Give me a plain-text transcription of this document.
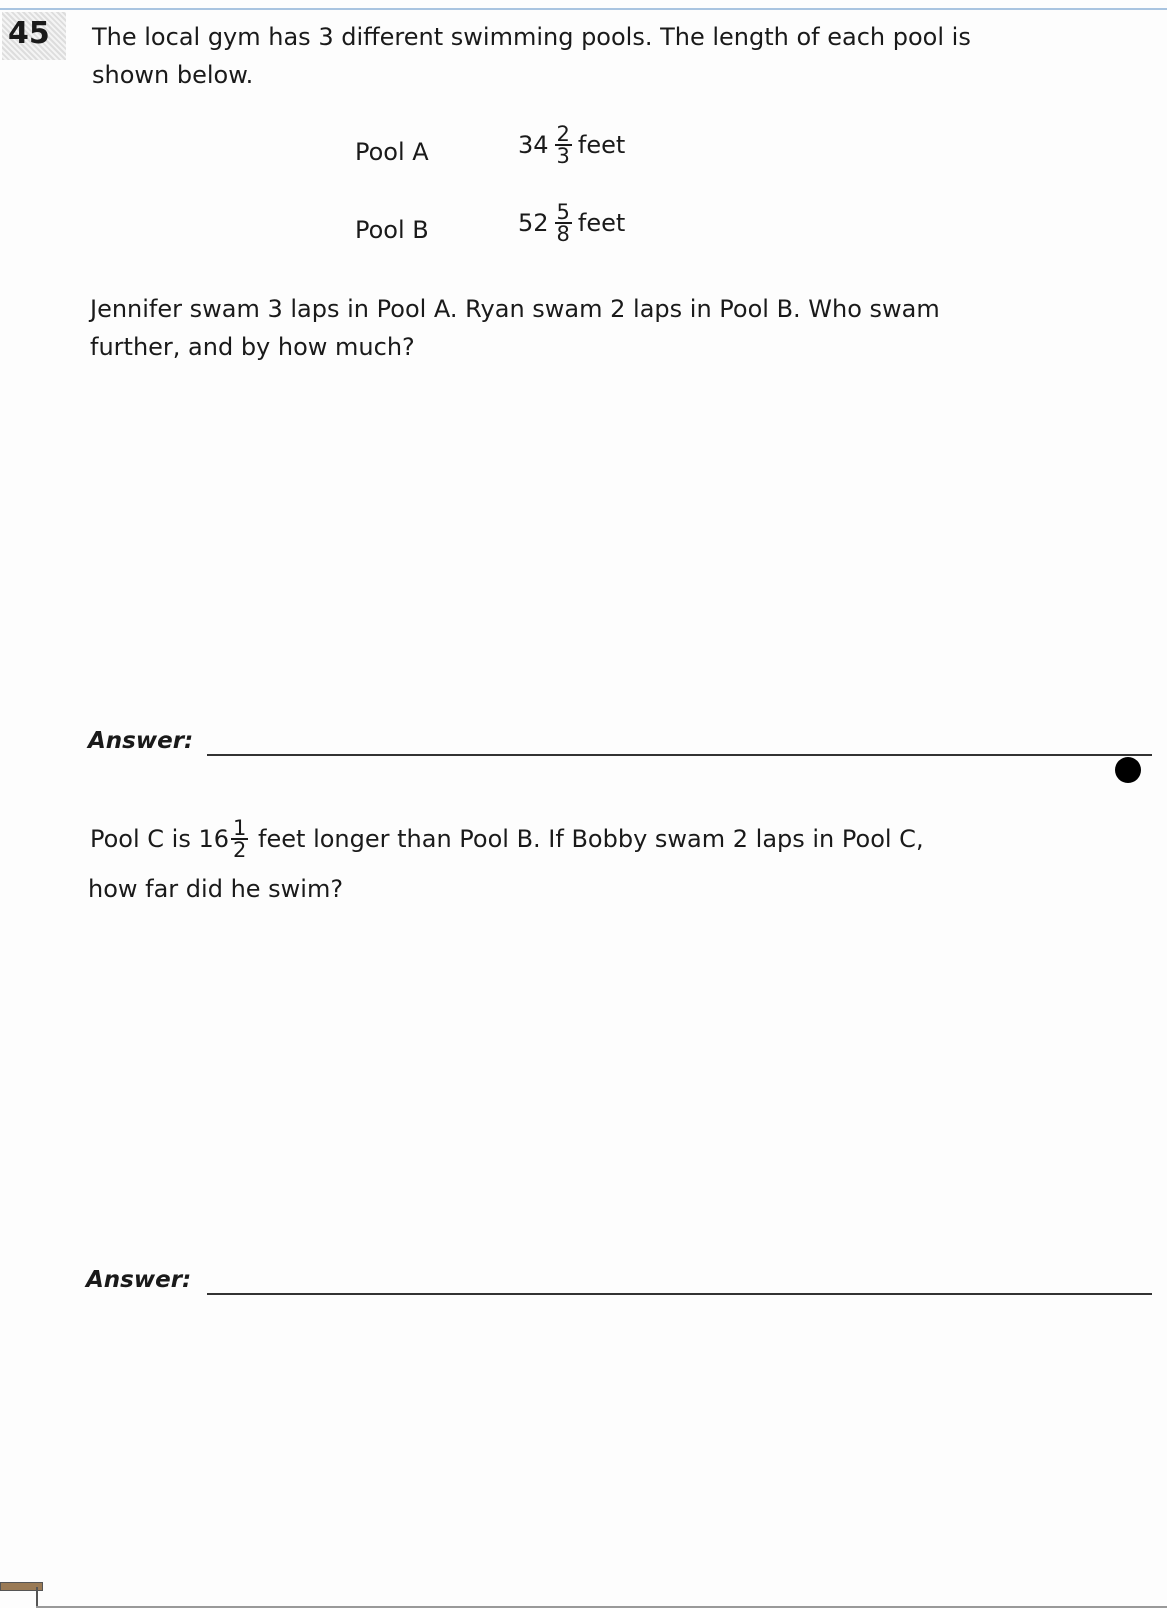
45	The local gym has 3 different swimming pools. The length of each pool is
shown below.
Pool A	$34 \frac{2}{3}$ feet
Pool B	$52 \frac{5}{8}$ feet
Jennifer swam 3 laps in Pool A. Ryan swam 2 laps in Pool B. Who swam
further, and by how much?
Answer:
Pool C is
$16 \frac{1}{2}$
feet longer than Pool B. If Bobby swam 2 laps in Pool C,
how far did he swim?
Answer:
